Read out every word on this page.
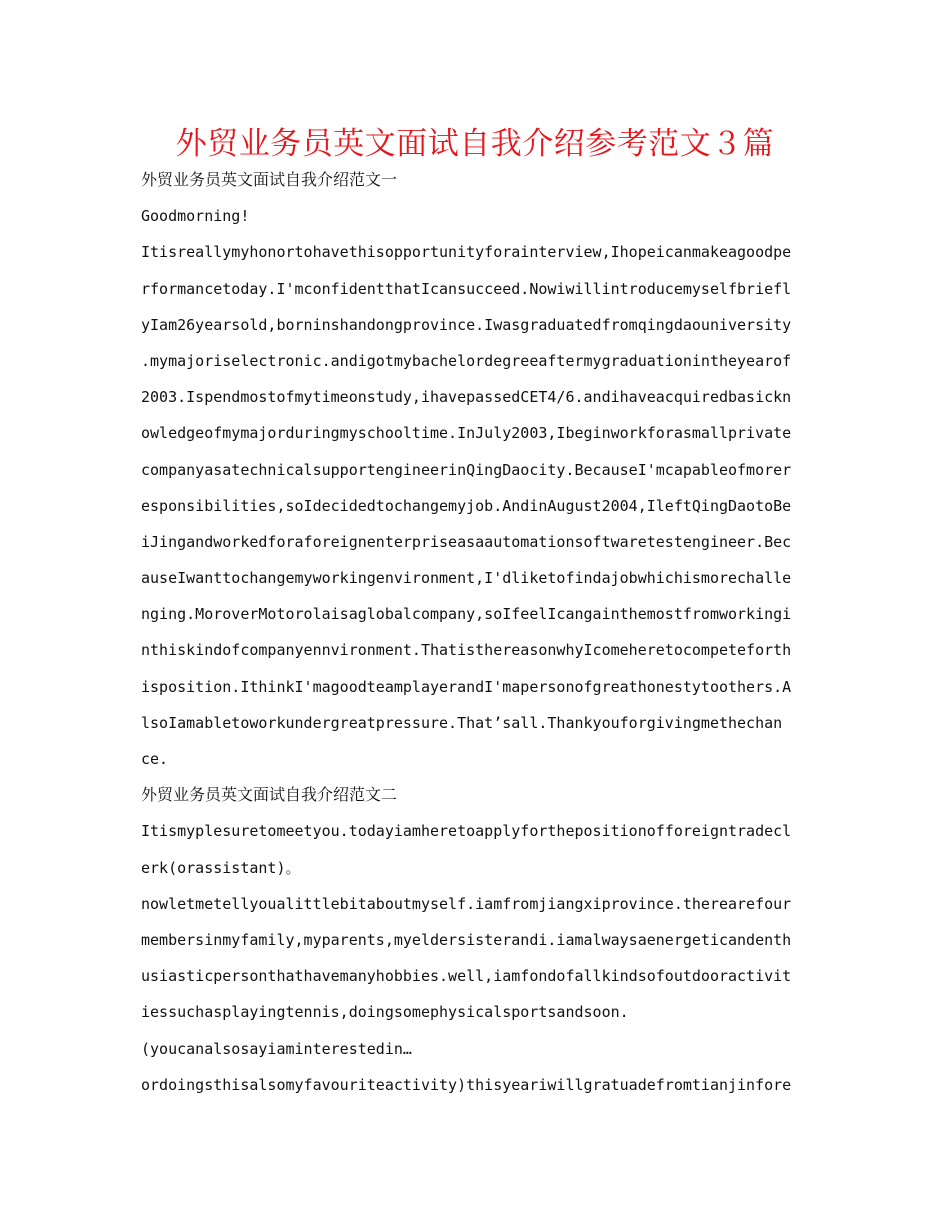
外贸业务员英文面试自我介绍参考范文３篇
外贸业务员英文面试自我介绍范文一
Goodmorning!
Itisreallymyhonortohavethisopportunityforainterview,Ihopeicanmakeagoodpe
rformancetoday.I'mconfidentthatIcansucceed.Nowiwillintroducemyselfbriefl
yIam26yearsold,borninshandongprovince.Iwasgraduatedfromqingdaouniversity
.mymajoriselectronic.andigotmybachelordegreeaftermygraduationintheyearof
2003.Ispendmostofmytimeonstudy,ihavepassedCET4/6.andihaveacquiredbasickn
owledgeofmymajorduringmyschooltime.InJuly2003,Ibeginworkforasmallprivate
companyasatechnicalsupportengineerinQingDaocity.BecauseI'mcapableofmorer
esponsibilities,soIdecidedtochangemyjob.AndinAugust2004,IleftQingDaotoBe
iJingandworkedforaforeignenterpriseasaautomationsoftwaretestengineer.Bec
auseIwanttochangemyworkingenvironment,I'dliketofindajobwhichismorechalle
nging.MoroverMotorolaisaglobalcompany,soIfeelIcangainthemostfromworkingi
nthiskindofcompanyennvironment.ThatisthereasonwhyIcomeheretocompeteforth
isposition.IthinkI'magoodteamplayerandI'mapersonofgreathonestytoothers.A
lsoIamabletoworkundergreatpressure.That’sall.Thankyouforgivingmethechan
ce.
外贸业务员英文面试自我介绍范文二
Itismyplesuretomeetyou.todayiamheretoapplyforthepositionofforeigntradecl
erk(orassistant)。
nowletmetellyoualittlebitaboutmyself.iamfromjiangxiprovince.therearefour
membersinmyfamily,myparents,myeldersisterandi.iamalwaysaenergeticandenth
usiasticpersonthathavemanyhobbies.well,iamfondofallkindsofoutdooractivit
iessuchasplayingtennis,doingsomephysicalsportsandsoon.
(youcanalsosayiaminterestedin…
ordoingsthisalsomyfavouriteactivity)thisyeariwillgratuadefromtianjinfore
